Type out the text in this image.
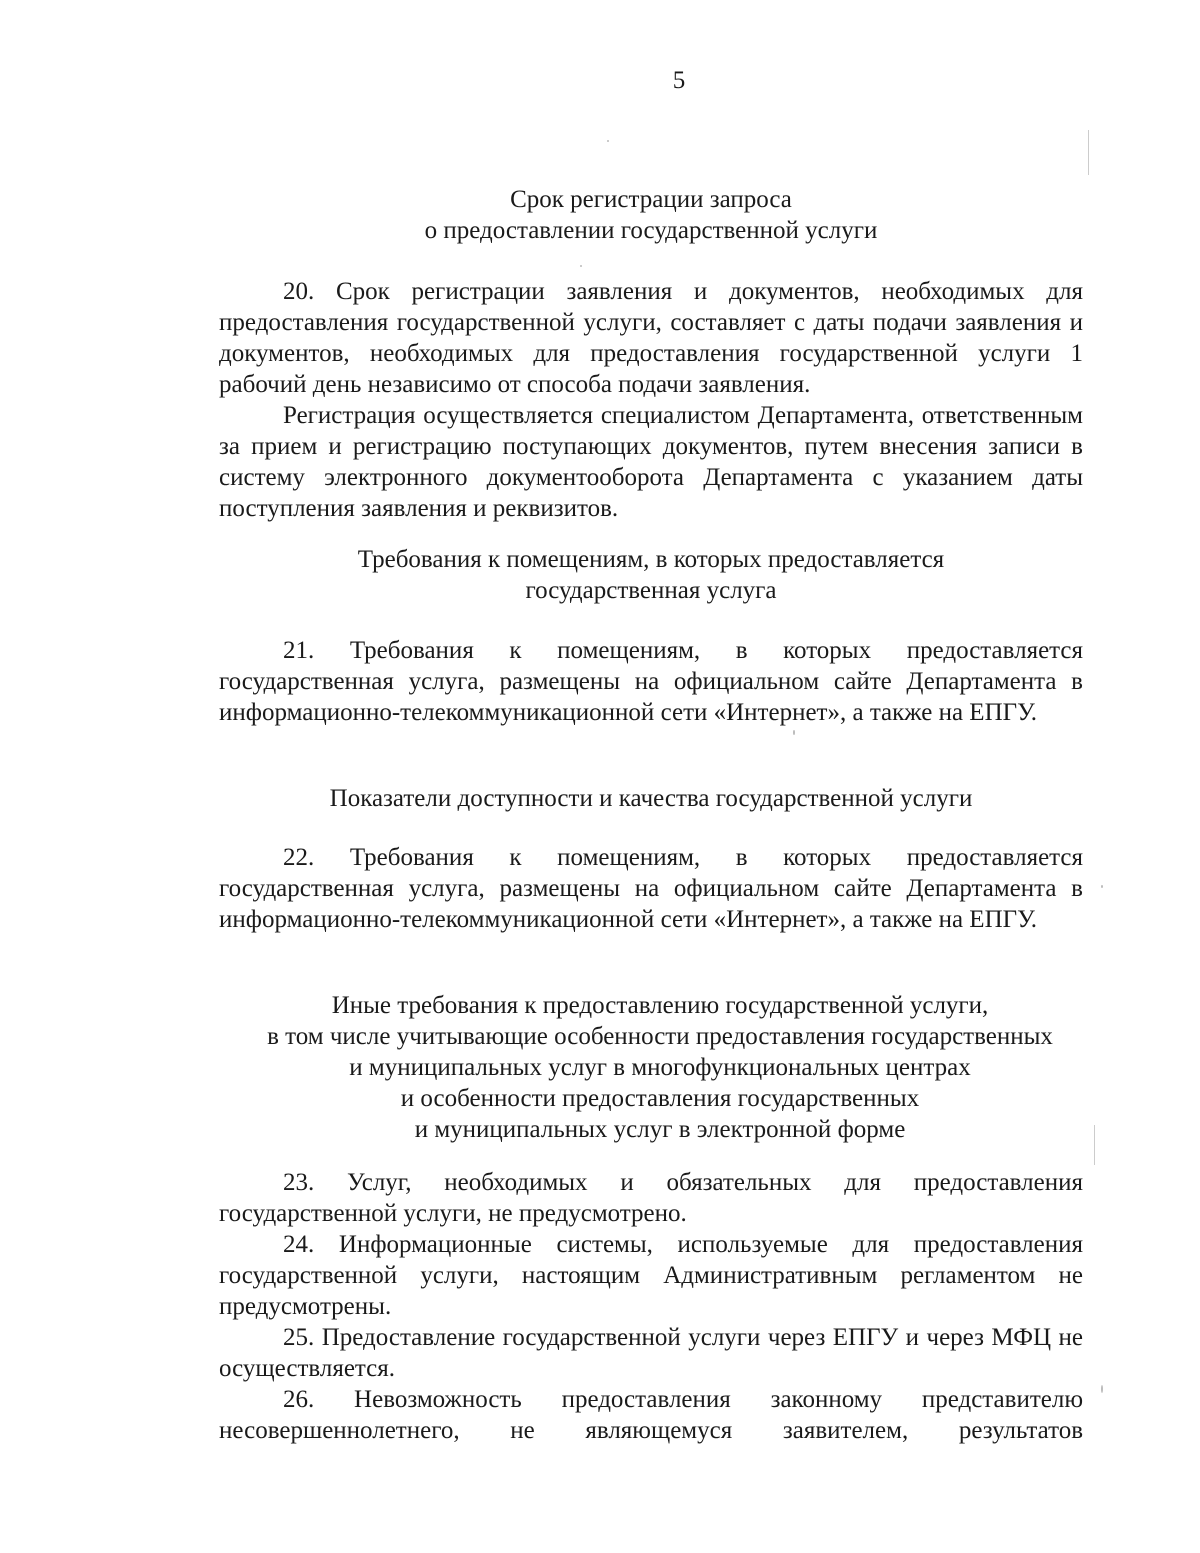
5
Срок регистрации запроса
о предоставлении государственной услуги

20. Срок регистрации заявления и документов, необходимых для предоставления государственной услуги, составляет с даты подачи заявления и документов, необходимых для предоставления государственной услуги 1 рабочий день независимо от способа подачи заявления.

Регистрация осуществляется специалистом Департамента, ответственным за прием и регистрацию поступающих документов, путем внесения записи в систему электронного документооборота Департамента с указанием даты поступления заявления и реквизитов.

Требования к помещениям, в которых предоставляется
государственная услуга

21. Требования к помещениям, в которых предоставляется государственная услуга, размещены на официальном сайте Департамента в информационно-телекоммуникационной сети «Интернет», а также на ЕПГУ.

Показатели доступности и качества государственной услуги

22. Требования к помещениям, в которых предоставляется государственная услуга, размещены на официальном сайте Департамента в информационно-телекоммуникационной сети «Интернет», а также на ЕПГУ.

Иные требования к предоставлению государственной услуги,
в том числе учитывающие особенности предоставления государственных
и муниципальных услуг в многофункциональных центрах
и особенности предоставления государственных
и муниципальных услуг в электронной форме

23. Услуг, необходимых и обязательных для предоставления государственной услуги, не предусмотрено.

24. Информационные системы, используемые для предоставления государственной услуги, настоящим Административным регламентом не предусмотрены.

25. Предоставление государственной услуги через ЕПГУ и через МФЦ не осуществляется.

26. Невозможность предоставления законному представителю несовершеннолетнего, не являющемуся заявителем, результатов
